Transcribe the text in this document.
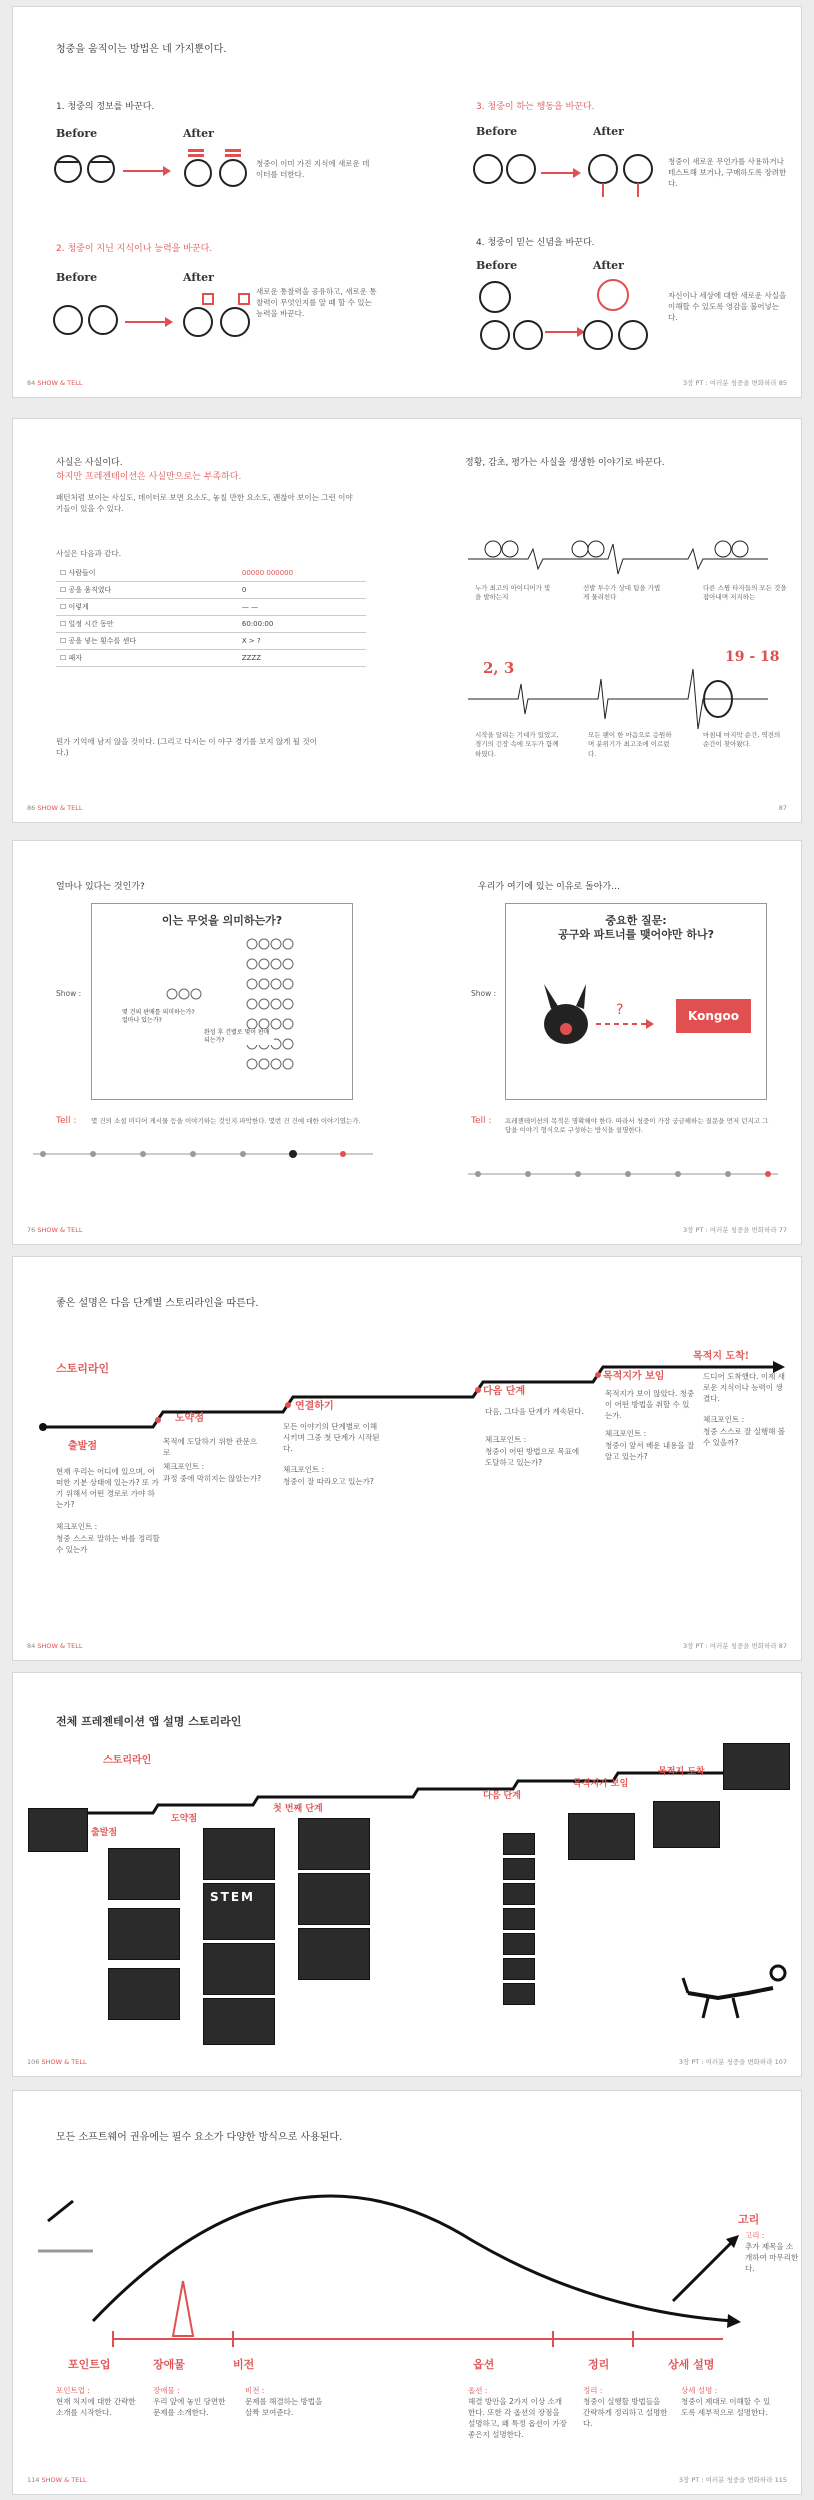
청중을 움직이는 방법은 네 가지뿐이다.
1. 청중의 정보를 바꾼다.
Before	After
청중이 이미 가진 지식에 새로운 데이터를 더한다.
2. 청중이 지닌 지식이나 능력을 바꾼다.
Before	After
새로운 통찰력을 공유하고, 새로운 통찰력이 무엇인지를 알 때 할 수 있는 능력을 바꾼다.
3. 청중이 하는 행동을 바꾼다.
Before	After
청중이 새로운 무언가를 사용하거나 테스트해 보거나, 구매하도록 장려한다.
4. 청중이 믿는 신념을 바꾼다.
Before	After
자신이나 세상에 대한 새로운 사실을 이해할 수 있도록 영감을 불어넣는다.
84 SHOW & TELL	3장 PT : 여러분 청중을 변화하라 85
사실은 사실이다.
하지만 프레젠테이션은 사실만으로는 부족하다.
패턴처럼 보이는 사실도, 데이터로 보면 요소도, 놓칠 만한 요소도, 괜찮아 보이는 그런 이야기들이 있을 수 있다.
사실은 다음과 같다.
☐ 사람들이	00000 000000
☐ 공을 움직였다	0
☐ 이렇게	— —
☐ 일정 시간 동안	60:00:00
☐ 공을 넣는 횟수를 센다	X > ?
☐ 패자	ZZZZ
뭔가 기억에 남지 않을 것이다. (그리고 다시는 이 야구 경기를 보지 않게 될 것이다.)
정황, 감초, 평가는 사실을 생생한 이야기로 바꾼다.
2, 3
19 - 18
누가 최고의 아이디어가 빛을 발하는지
선발 투수가 상대 팀을 가볍게 물리친다
다른 스윙 타자들의 모든 것을 잡아내며 저지하는
시작을 알리는 기대가 있었고, 경기의 긴장 속에 모두가 함께하였다.
모든 팬이 한 마음으로 응원하며 분위기가 최고조에 이르렀다.
마침내 마지막 순간, 역전의 순간이 찾아왔다.
86 SHOW & TELL	87
얼마나 있다는 것인가?
이는 무엇을 의미하는가?
몇 건의 판매를 의미하는가? 얼마나 있는가?
완성 후 건별로 몇이 판매되는가?
Show :
Tell : 몇 건의 소셜 미디어 게시물 등을 이야기하는 것인지 파악한다. 몇번 건 건에 대한 이야기였는가.
우리가 여기에 있는 이유로 돌아가…
중요한 질문:
공구와 파트너를 맺어야만 하나?
?	Kongoo
Show :
Tell : 프레젠테이션의 목적은 명확해야 한다. 따라서 청중이 가장 궁금해하는 질문을 먼저 던지고 그 답을 이야기 형식으로 구성하는 방식을 설명한다.
76 SHOW & TELL	3장 PT : 여러분 청중을 변화하라 77
좋은 설명은 다음 단계별 스토리라인을 따른다.
스토리라인
출발점
도약점
연결하기
다음 단계
목적지가 보임
목적지 도착!
현재 우리는 어디에 있으며, 어떠한 기분 상태에 있는가? 또 가기 위해서 어떤 경로로 가야 하는가?
체크포인트 :
청중 스스로 말하는 바를 정리할 수 있는가
목적에 도달하기 위한 관문으로
체크포인트 :
과정 중에 막히지는 않았는가?
모든 이야기의 단계별로 이해시키며 그중 첫 단계가 시작된다.
체크포인트 :
청중이 잘 따라오고 있는가?
다음, 그다음 단계가 계속된다.
체크포인트 :
청중이 어떤 방법으로 목표에 도달하고 있는가?
목적지가 보이 않았다. 청중이 어떤 방법을 취할 수 있는가.
체크포인트 :
청중이 앞서 배운 내용을 잘 알고 있는가?
드디어 도착했다. 이제 새로운 지식이나 능력이 생겼다.
체크포인트 :
청중 스스로 잘 실행해 볼 수 있을까?
84 SHOW & TELL	3장 PT : 여러분 청중을 변화하라 87
전체 프레젠테이션 앱 설명 스토리라인
스토리라인
출발점
도약점
첫 번째 단계
다음 단계
목적지가 보임
목적지 도착
STEM
106 SHOW & TELL	3장 PT : 여러분 청중을 변화하라 107
모든 소프트웨어 권유에는 필수 요소가 다양한 방식으로 사용된다.
포인트업	장애물	비전	옵션	정리	상세 설명
고리
포인트업 :
현재 처지에 대한 간략한 소개를 시작한다.
장애물 :
우리 앞에 놓인 당면한 문제를 소개한다.
비전 :
문제를 해결하는 방법을 살짝 보여준다.
옵션 :
해결 방안을 2가지 이상 소개한다. 또한 각 옵션의 장점을 설명하고, 왜 특정 옵션이 가장 좋은지 설명한다.
정리 :
청중이 실행할 방법들을 간략하게 정리하고 설명한다.
상세 설명 :
청중이 제대로 이해할 수 있도록 세부적으로 설명한다.
고리 :
추가 제목을 소개하여 마무리한다.
114 SHOW & TELL	3장 PT : 여러분 청중을 변화하라 115
